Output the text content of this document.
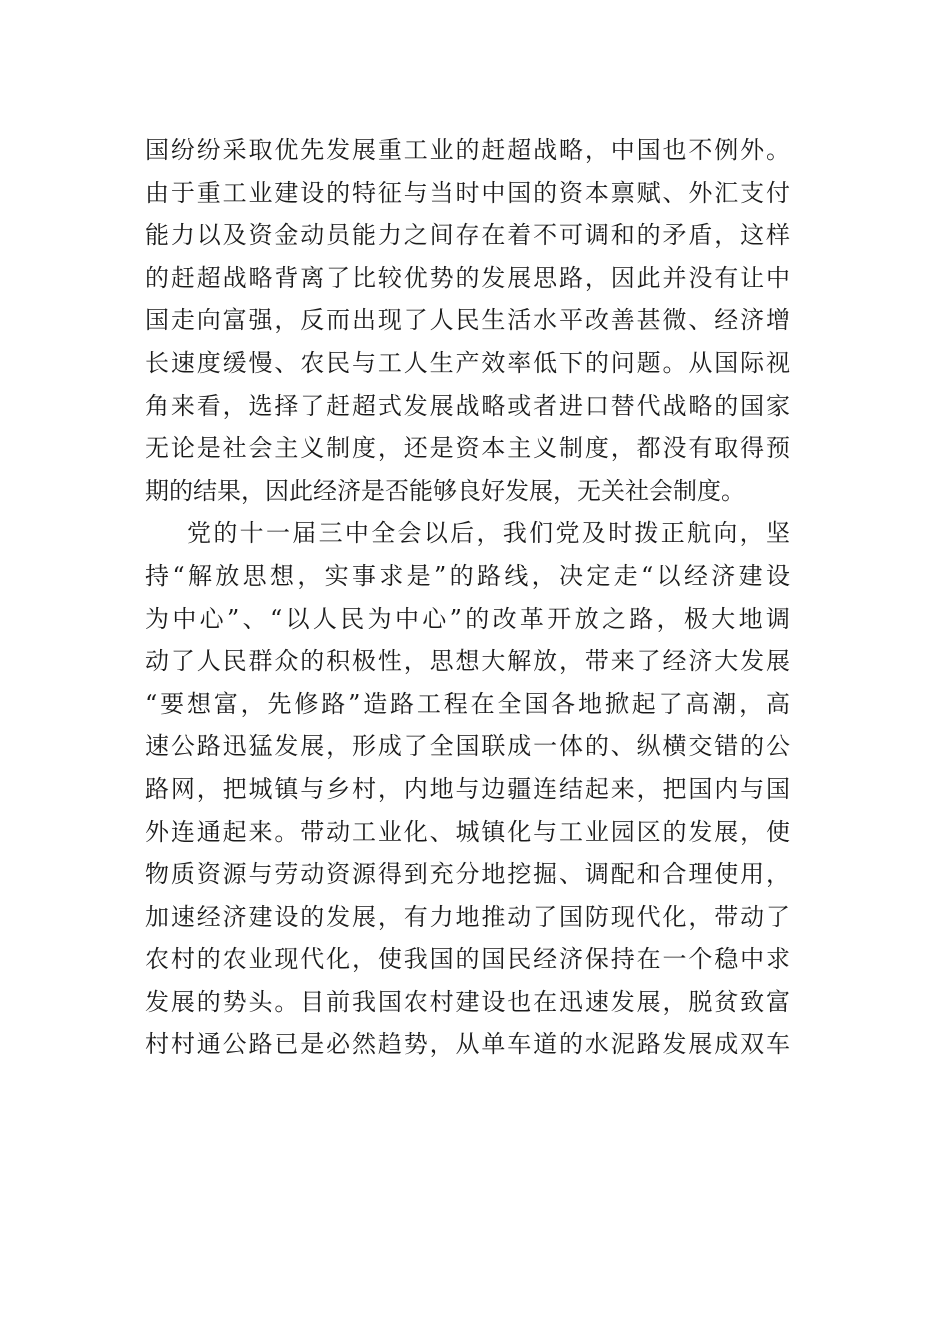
国纷纷采取优先发展重工业的赶超战略，中国也不例外。
由于重工业建设的特征与当时中国的资本禀赋、外汇支付
能力以及资金动员能力之间存在着不可调和的矛盾，这样
的赶超战略背离了比较优势的发展思路，因此并没有让中
国走向富强，反而出现了人民生活水平改善甚微、经济增
长速度缓慢、农民与工人生产效率低下的问题。从国际视
角来看，选择了赶超式发展战略或者进口替代战略的国家
无论是社会主义制度，还是资本主义制度，都没有取得预
期的结果，因此经济是否能够良好发展，无关社会制度。
党的十一届三中全会以后，我们党及时拨正航向，坚
持“解放思想，实事求是”的路线，决定走“以经济建设
为中心”、“以人民为中心”的改革开放之路，极大地调
动了人民群众的积极性，思想大解放，带来了经济大发展
“要想富，先修路”造路工程在全国各地掀起了高潮，高
速公路迅猛发展，形成了全国联成一体的、纵横交错的公
路网，把城镇与乡村，内地与边疆连结起来，把国内与国
外连通起来。带动工业化、城镇化与工业园区的发展，使
物质资源与劳动资源得到充分地挖掘、调配和合理使用，
加速经济建设的发展，有力地推动了国防现代化，带动了
农村的农业现代化，使我国的国民经济保持在一个稳中求
发展的势头。目前我国农村建设也在迅速发展，脱贫致富
村村通公路已是必然趋势，从单车道的水泥路发展成双车
